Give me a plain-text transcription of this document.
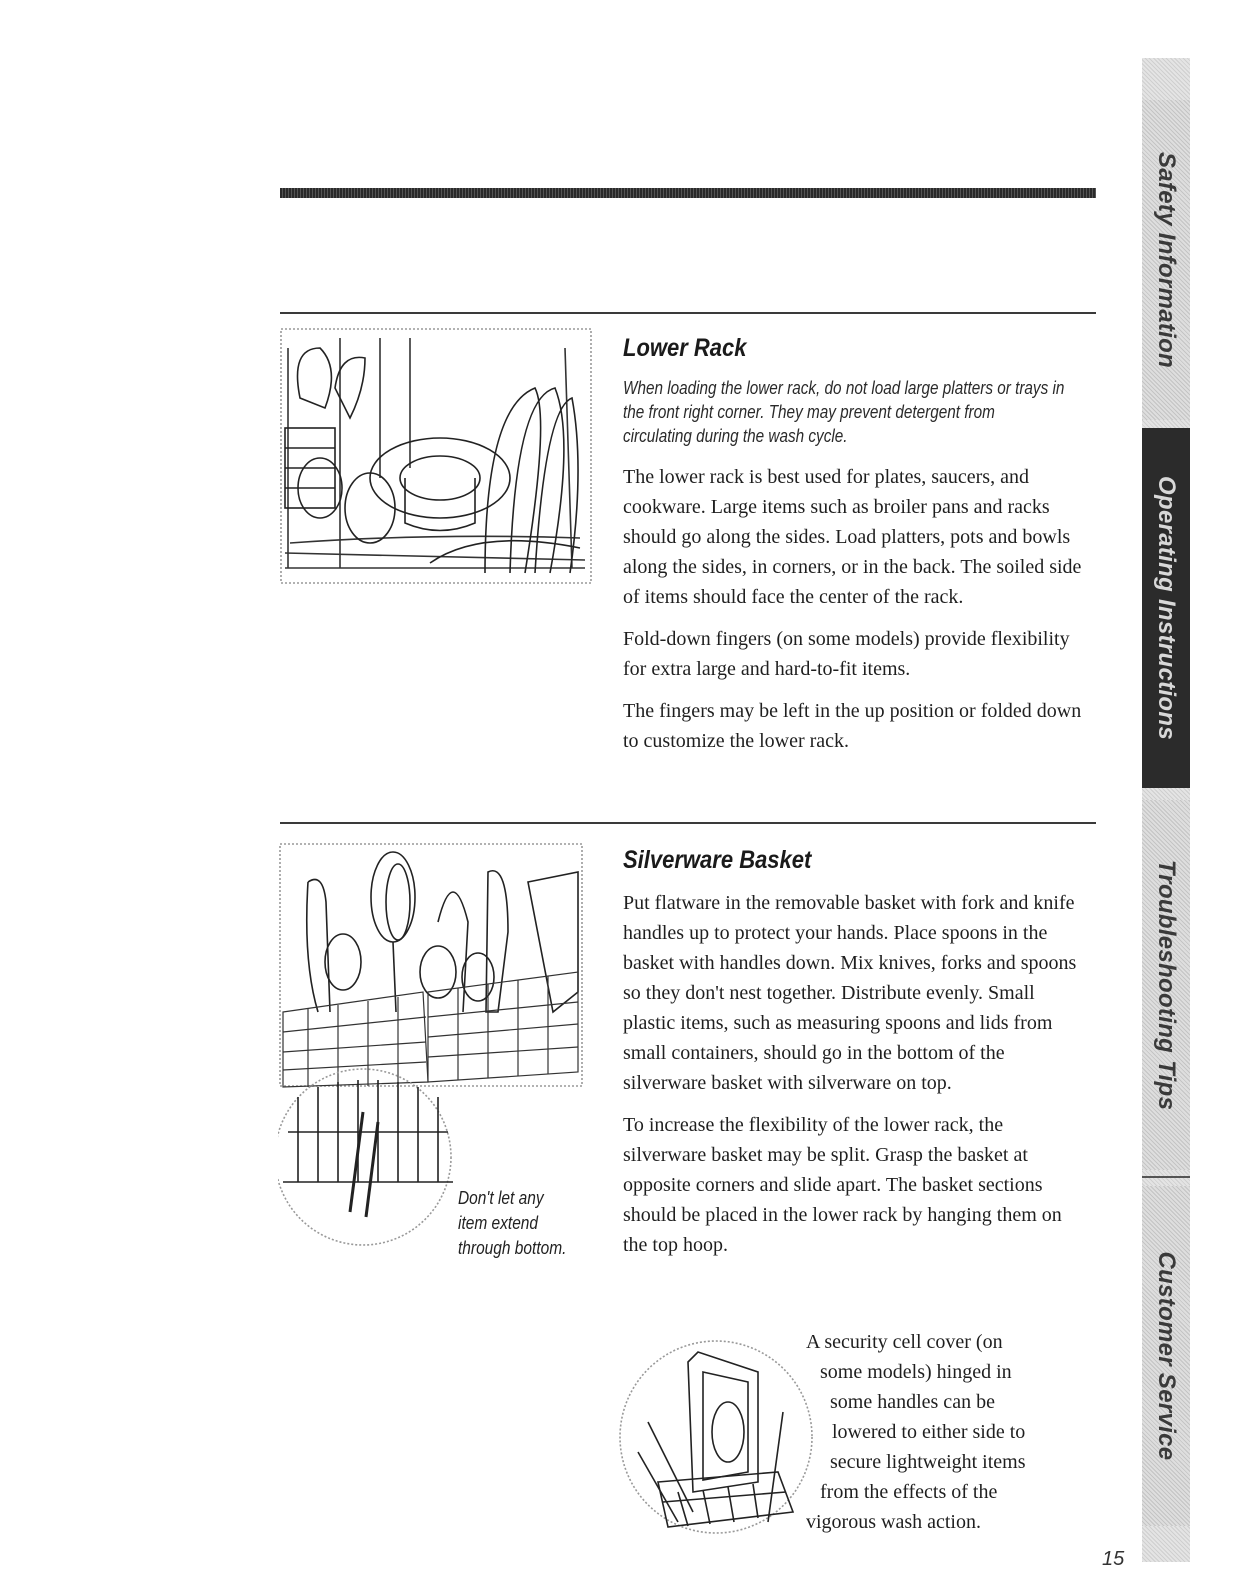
Don't let any
item extend
through bottom.
Lower Rack
When loading the lower rack, do not load large platters or trays in the front right corner. They may prevent detergent from circulating during the wash cycle.

The lower rack is best used for plates, saucers, and cookware. Large items such as broiler pans and racks should go along the sides. Load platters, pots and bowls along the sides, in corners, or in the back. The soiled side of items should face the center of the rack.

Fold-down fingers (on some models) provide flexibility for extra large and hard-to-fit items.

The fingers may be left in the up position or folded down to customize the lower rack.

Silverware Basket

Put flatware in the removable basket with fork and knife handles up to protect your hands. Place spoons in the basket with handles down. Mix knives, forks and spoons so they don't nest together. Distribute evenly. Small plastic items, such as measuring spoons and lids from small containers, should go in the bottom of the silverware basket with silverware on top.

To increase the flexibility of the lower rack, the silverware basket may be split. Grasp the basket at opposite corners and slide apart. The basket sections should be placed in the lower rack by hanging them on the top hoop.

A security cell cover (on
some models) hinged in
some handles can be
lowered to either side to
secure lightweight items
from the effects of the
vigorous wash action.
15
Safety Information
Operating Instructions
Troubleshooting Tips
Customer Service
